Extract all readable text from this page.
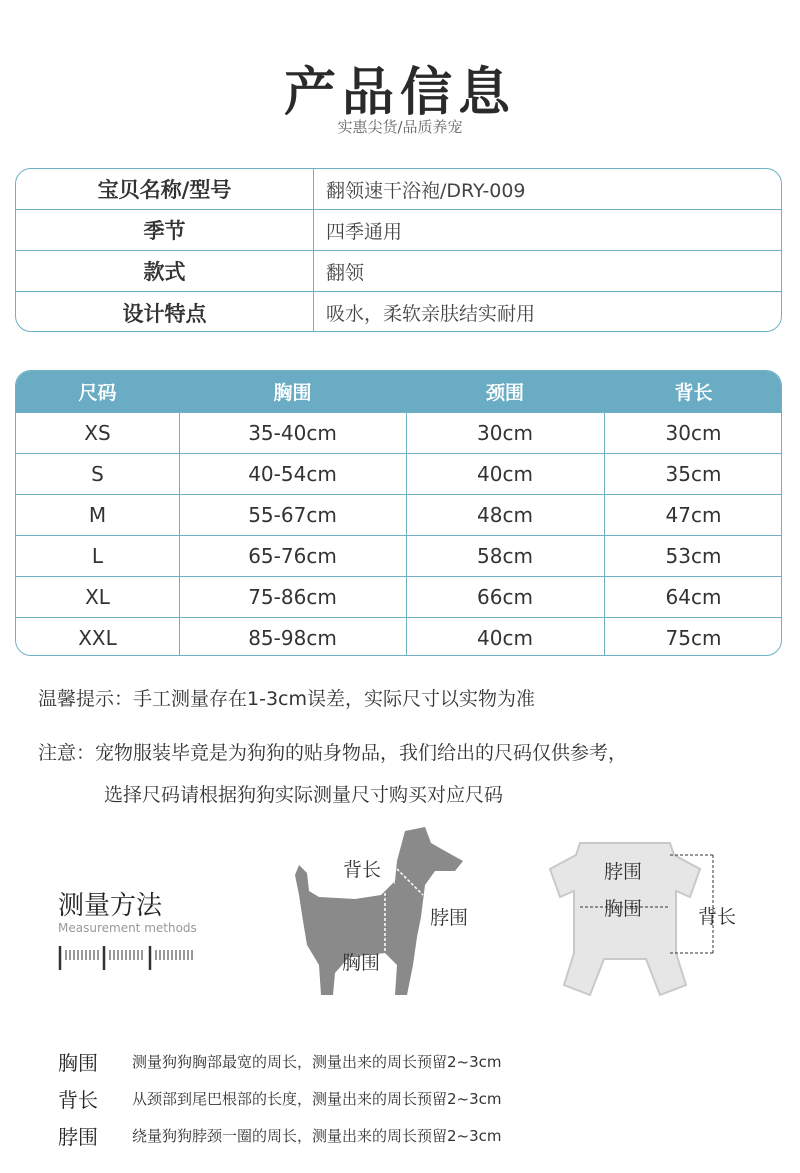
产品信息
实惠尖货/品质养宠
宝贝名称/型号	翻领速干浴袍/DRY-009
季节	四季通用
款式	翻领
设计特点	吸水，柔软亲肤结实耐用
尺码	胸围	颈围	背长
XS	35-40cm	30cm	30cm
S	40-54cm	40cm	35cm
M	55-67cm	48cm	47cm
L	65-76cm	58cm	53cm
XL	75-86cm	66cm	64cm
XXL	85-98cm	40cm	75cm
温馨提示：手工测量存在1-3cm误差，实际尺寸以实物为准
注意：宠物服装毕竟是为狗狗的贴身物品，我们给出的尺码仅供参考，
选择尺码请根据狗狗实际测量尺寸购买对应尺码
测量方法
Measurement methods
背长
脖围
胸围
脖围
胸围	背长
胸围 测量狗狗胸部最宽的周长，测量出来的周长预留2~3cm
背长 从颈部到尾巴根部的长度，测量出来的周长预留2~3cm
脖围 绕量狗狗脖颈一圈的周长，测量出来的周长预留2~3cm
